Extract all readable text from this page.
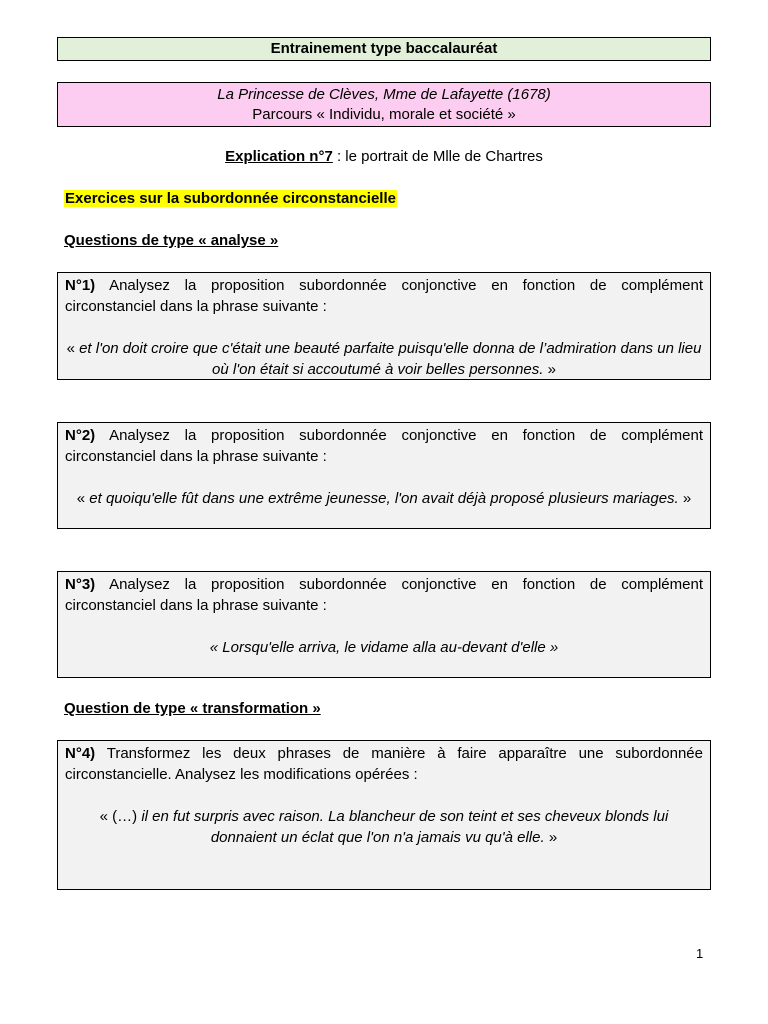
Entrainement type baccalauréat
La Princesse de Clèves, Mme de Lafayette (1678)
Parcours « Individu, morale et société »
Explication n°7 : le portrait de Mlle de Chartres
Exercices sur la subordonnée circonstancielle
Questions de type « analyse »
N°1) Analysez la proposition subordonnée conjonctive en fonction de complément circonstanciel dans la phrase suivante :
« et l'on doit croire que c'était une beauté parfaite puisqu'elle donna de l’admiration dans un lieu où l'on était si accoutumé à voir belles personnes. »
N°2) Analysez la proposition subordonnée conjonctive en fonction de complément circonstanciel dans la phrase suivante :
« et quoiqu'elle fût dans une extrême jeunesse, l'on avait déjà proposé plusieurs mariages. »
N°3) Analysez la proposition subordonnée conjonctive en fonction de complément circonstanciel dans la phrase suivante :
« Lorsqu'elle arriva, le vidame alla au-devant d'elle »
Question de type « transformation »
N°4) Transformez les deux phrases de manière à faire apparaître une subordonnée circonstancielle. Analysez les modifications opérées :
« (…) il en fut surpris avec raison. La blancheur de son teint et ses cheveux blonds lui donnaient un éclat que l'on n'a jamais vu qu'à elle. »
1
